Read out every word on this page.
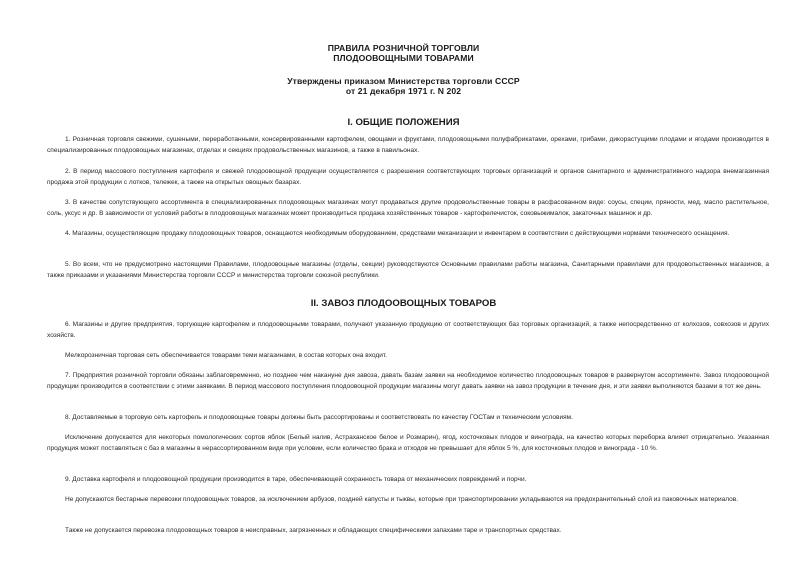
ПРАВИЛА РОЗНИЧНОЙ ТОРГОВЛИ
ПЛОДООВОЩНЫМИ ТОВАРАМИ
Утверждены приказом Министерства торговли СССР
от 21 декабря 1971 г. N 202
I. ОБЩИЕ ПОЛОЖЕНИЯ
1. Розничная торговля свежими, сушеными, переработанными, консервированными картофелем, овощами и фруктами, плодоовощными полуфабрикатами, орехами, грибами, дикорастущими плодами и ягодами производится в специализированных плодоовощных магазинах, отделах и секциях продовольственных магазинов, а также в павильонах.
2. В период массового поступления картофеля и свежей плодоовощной продукции осуществляется с разрешения соответствующих торговых организаций и органов санитарного и административного надзора внемагазинная продажа этой продукции с лотков, тележек, а также на открытых овощных базарах.
3. В качестве сопутствующего ассортимента в специализированных плодоовощных магазинах могут продаваться другие продовольственные товары в расфасованном виде: соусы, специи, пряности, мед, масло растительное, соль, уксус и др. В зависимости от условий работы в плодоовощных магазинах может производиться продажа хозяйственных товаров - картофелечисток, соковыжималок, закаточных машинок и др.
4. Магазины, осуществляющие продажу плодоовощных товаров, оснащаются необходимым оборудованием, средствами механизации и инвентарем в соответствии с действующими нормами технического оснащения.
5. Во всем, что не предусмотрено настоящими Правилами, плодоовощные магазины (отделы, секции) руководствуются Основными правилами работы магазина, Санитарными правилами для продовольственных магазинов, а также приказами и указаниями Министерства торговли СССР и министерства торговли союзной республики.
II. ЗАВОЗ ПЛОДООВОЩНЫХ ТОВАРОВ
6. Магазины и другие предприятия, торгующие картофелем и плодоовощными товарами, получают указанную продукцию от соответствующих баз торговых организаций, а также непосредственно от колхозов, совхозов и других хозяйств.
Мелкорозничная торговая сеть обеспечивается товарами теми магазинами, в состав которых она входит.
7. Предприятия розничной торговли обязаны заблаговременно, но позднее чем накануне дня завоза, давать базам заявки на необходимое количество плодоовощных товаров в развернутом ассортименте. Завоз плодоовощной продукции производится в соответствии с этими заявками. В период массового поступления плодоовощной продукции магазины могут давать заявки на завоз продукции в течение дня, и эти заявки выполняются базами в тот же день.
8. Доставляемые в торговую сеть картофель и плодоовощные товары должны быть рассортированы и соответствовать по качеству ГОСТам и техническим условиям.
Исключение допускается для некоторых помологических сортов яблок (Белый налив, Астраханское белое и Розмарин), ягод, косточковых плодов и винограда, на качество которых переборка влияет отрицательно. Указанная продукция может поставляться с баз в магазины в нерассортированном виде при условии, если количество брака и отходов не превышает для яблок 5 %, для косточковых плодов и винограда - 10 %.
9. Доставка картофеля и плодоовощной продукции производится в таре, обеспечивающей сохранность товара от механических повреждений и порчи.
Не допускаются бестарные перевозки плодоовощных товаров, за исключением арбузов, поздней капусты и тыквы, которые при транспортировании укладываются на предохранительный слой из паковочных материалов.
Также не допускается перевозка плодоовощных товаров в неисправных, загрязненных и обладающих специфическими запахами таре и транспортных средствах.
